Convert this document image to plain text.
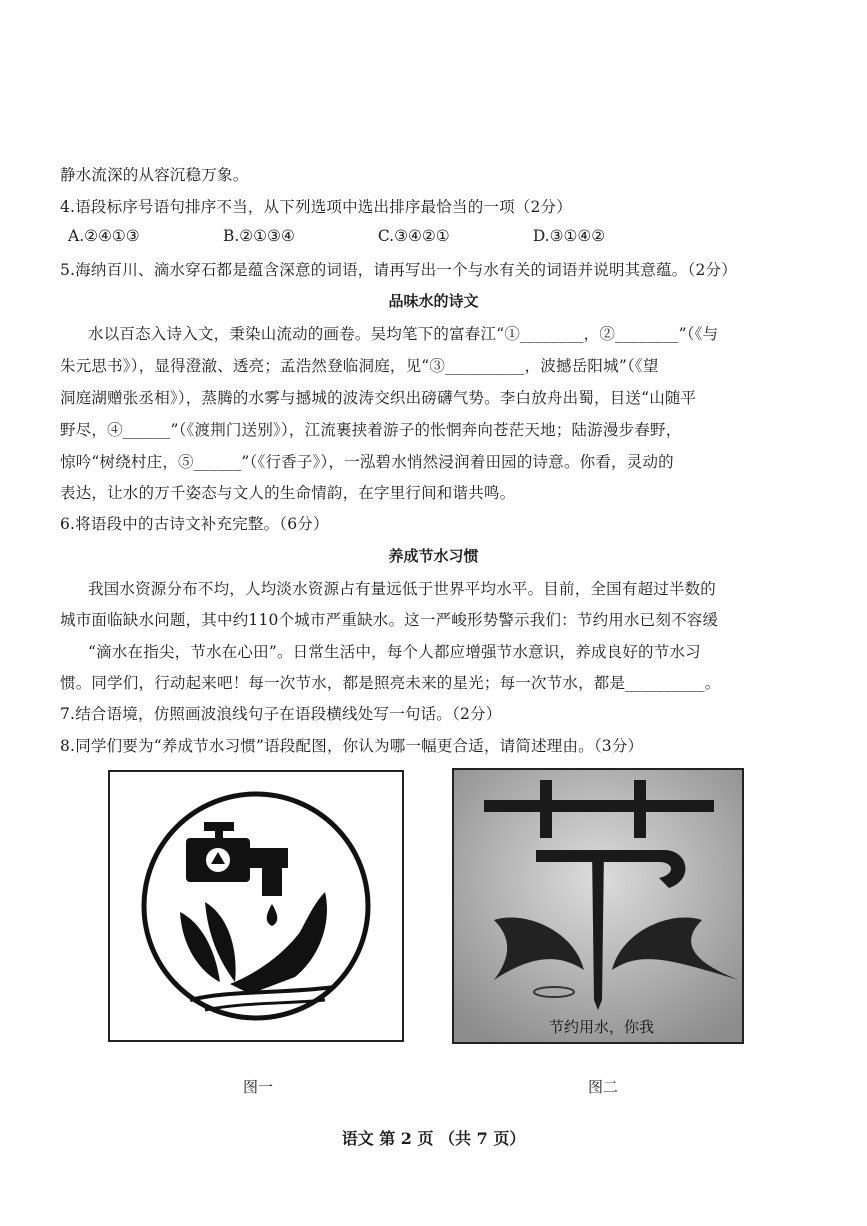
静水流深的从容沉稳万象。
4.语段标序号语句排序不当，从下列选项中选出排序最恰当的一项（2分）
A.②④①③	B.②①③④	C.③④②①	D.③①④②
5.海纳百川、滴水穿石都是蕴含深意的词语，请再写出一个与水有关的词语并说明其意蕴。（2分）
品味水的诗文
水以百态入诗入文，秉染山流动的画卷。吴均笔下的富春江“①________，②________”（《与
朱元思书》），显得澄澈、透亮；孟浩然登临洞庭，见“③__________，波撼岳阳城”（《望
洞庭湖赠张丞相》），蒸腾的水雾与撼城的波涛交织出磅礴气势。李白放舟出蜀，目送“山随平
野尽，④______”（《渡荆门送别》），江流裹挟着游子的怅惘奔向苍茫天地；陆游漫步春野，
惊吟“树绕村庄，⑤______”（《行香子》），一泓碧水悄然浸润着田园的诗意。你看，灵动的
表达，让水的万千姿态与文人的生命情韵，在字里行间和谐共鸣。
6.将语段中的古诗文补充完整。（6分）
养成节水习惯
我国水资源分布不均，人均淡水资源占有量远低于世界平均水平。目前，全国有超过半数的
城市面临缺水问题，其中约110个城市严重缺水。这一严峻形势警示我们：节约用水已刻不容缓
“滴水在指尖，节水在心田”。日常生活中，每个人都应增强节水意识，养成良好的节水习
惯。同学们，行动起来吧！每一次节水，都是照亮未来的星光；每一次节水，都是__________。
7.结合语境，仿照画波浪线句子在语段横线处写一句话。（2分）
8.同学们要为“养成节水习惯”语段配图，你认为哪一幅更合适，请简述理由。（3分）
节约用水，你我
图一	图二
语文 第 2 页 （共 7 页）
